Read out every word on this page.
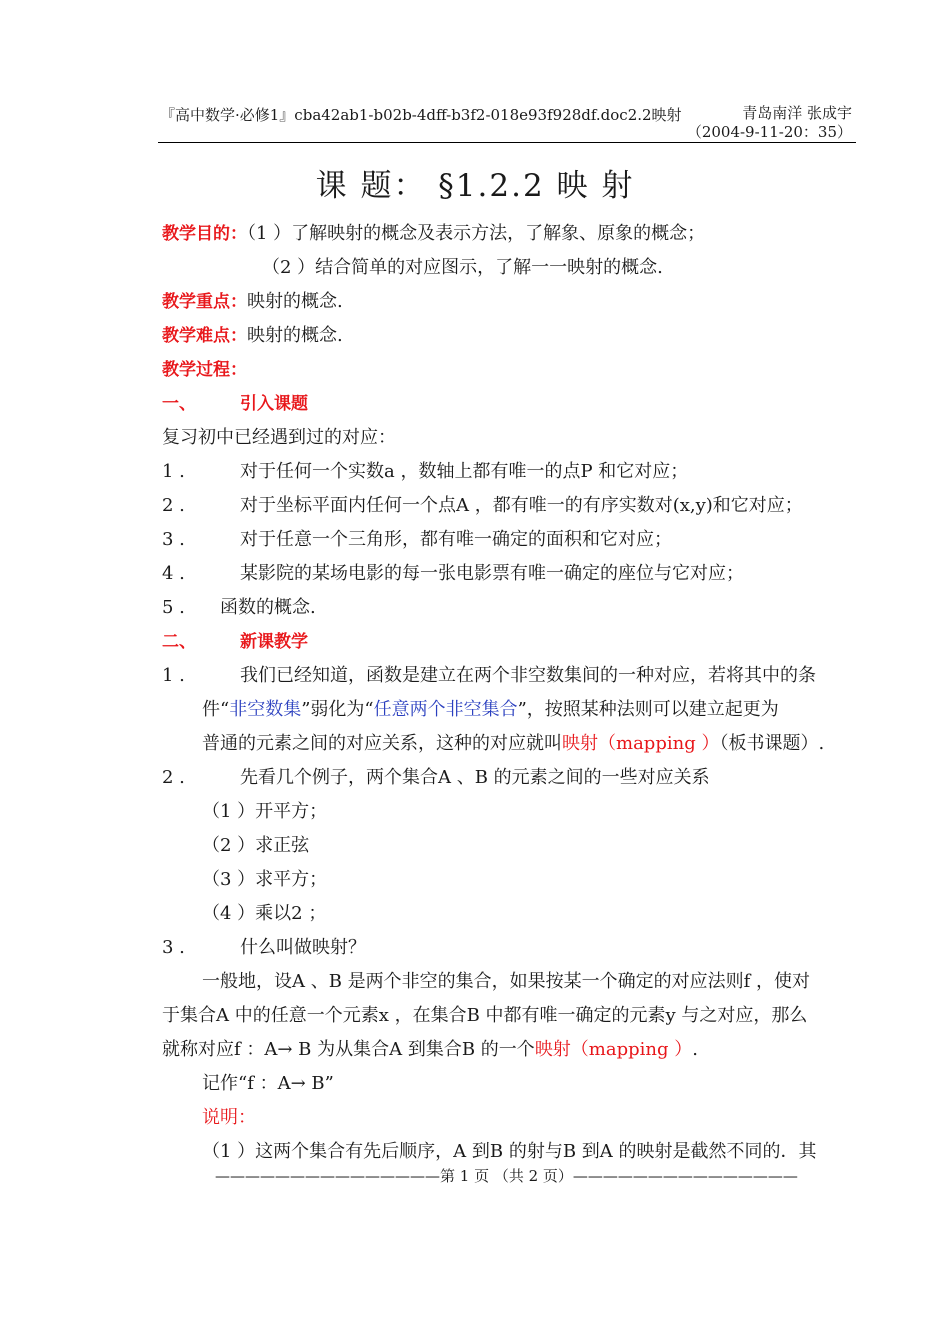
『高中数学·必修1』cba42ab1-b02b-4dff-b3f2-018e93f928df.doc2.2映射	青岛南洋 张成宇
（2004-9-11-20：35）
课 题： §1.2.2 映 射
教学目的：（1 ）了解映射的概念及表示方法，了解象、原象的概念；
（2 ）结合简单的对应图示，了解一一映射的概念.
教学重点：映射的概念.
教学难点：映射的概念.
教学过程：
一、	引入课题
复习初中已经遇到过的对应：
1 .	对于任何一个实数a ，数轴上都有唯一的点P 和它对应；
2 .	对于坐标平面内任何一个点A ，都有唯一的有序实数对(x,y)和它对应；
3 .	对于任意一个三角形，都有唯一确定的面积和它对应；
4 .	某影院的某场电影的每一张电影票有唯一确定的座位与它对应；
5 . 函数的概念.
二、	新课教学
1 .	我们已经知道，函数是建立在两个非空数集间的一种对应，若将其中的条
件“非空数集”弱化为“任意两个非空集合”，按照某种法则可以建立起更为
普通的元素之间的对应关系，这种的对应就叫映射（mapping ）（板书课题）.
2 .	先看几个例子，两个集合A 、B 的元素之间的一些对应关系
（1 ）开平方；
（2 ）求正弦
（3 ）求平方；
（4 ）乘以2 ；
3 .	什么叫做映射？
一般地，设A 、B 是两个非空的集合，如果按某一个确定的对应法则f ，使对
于集合A 中的任意一个元素x ，在集合B 中都有唯一确定的元素y 与之对应，那么
就称对应f ：A→ B 为从集合A 到集合B 的一个映射（mapping ）.
记作“f ：A→ B”
说明：
（1 ）这两个集合有先后顺序，A 到B 的射与B 到A 的映射是截然不同的．其
———————————————第 1 页 （共 2 页）———————————————
